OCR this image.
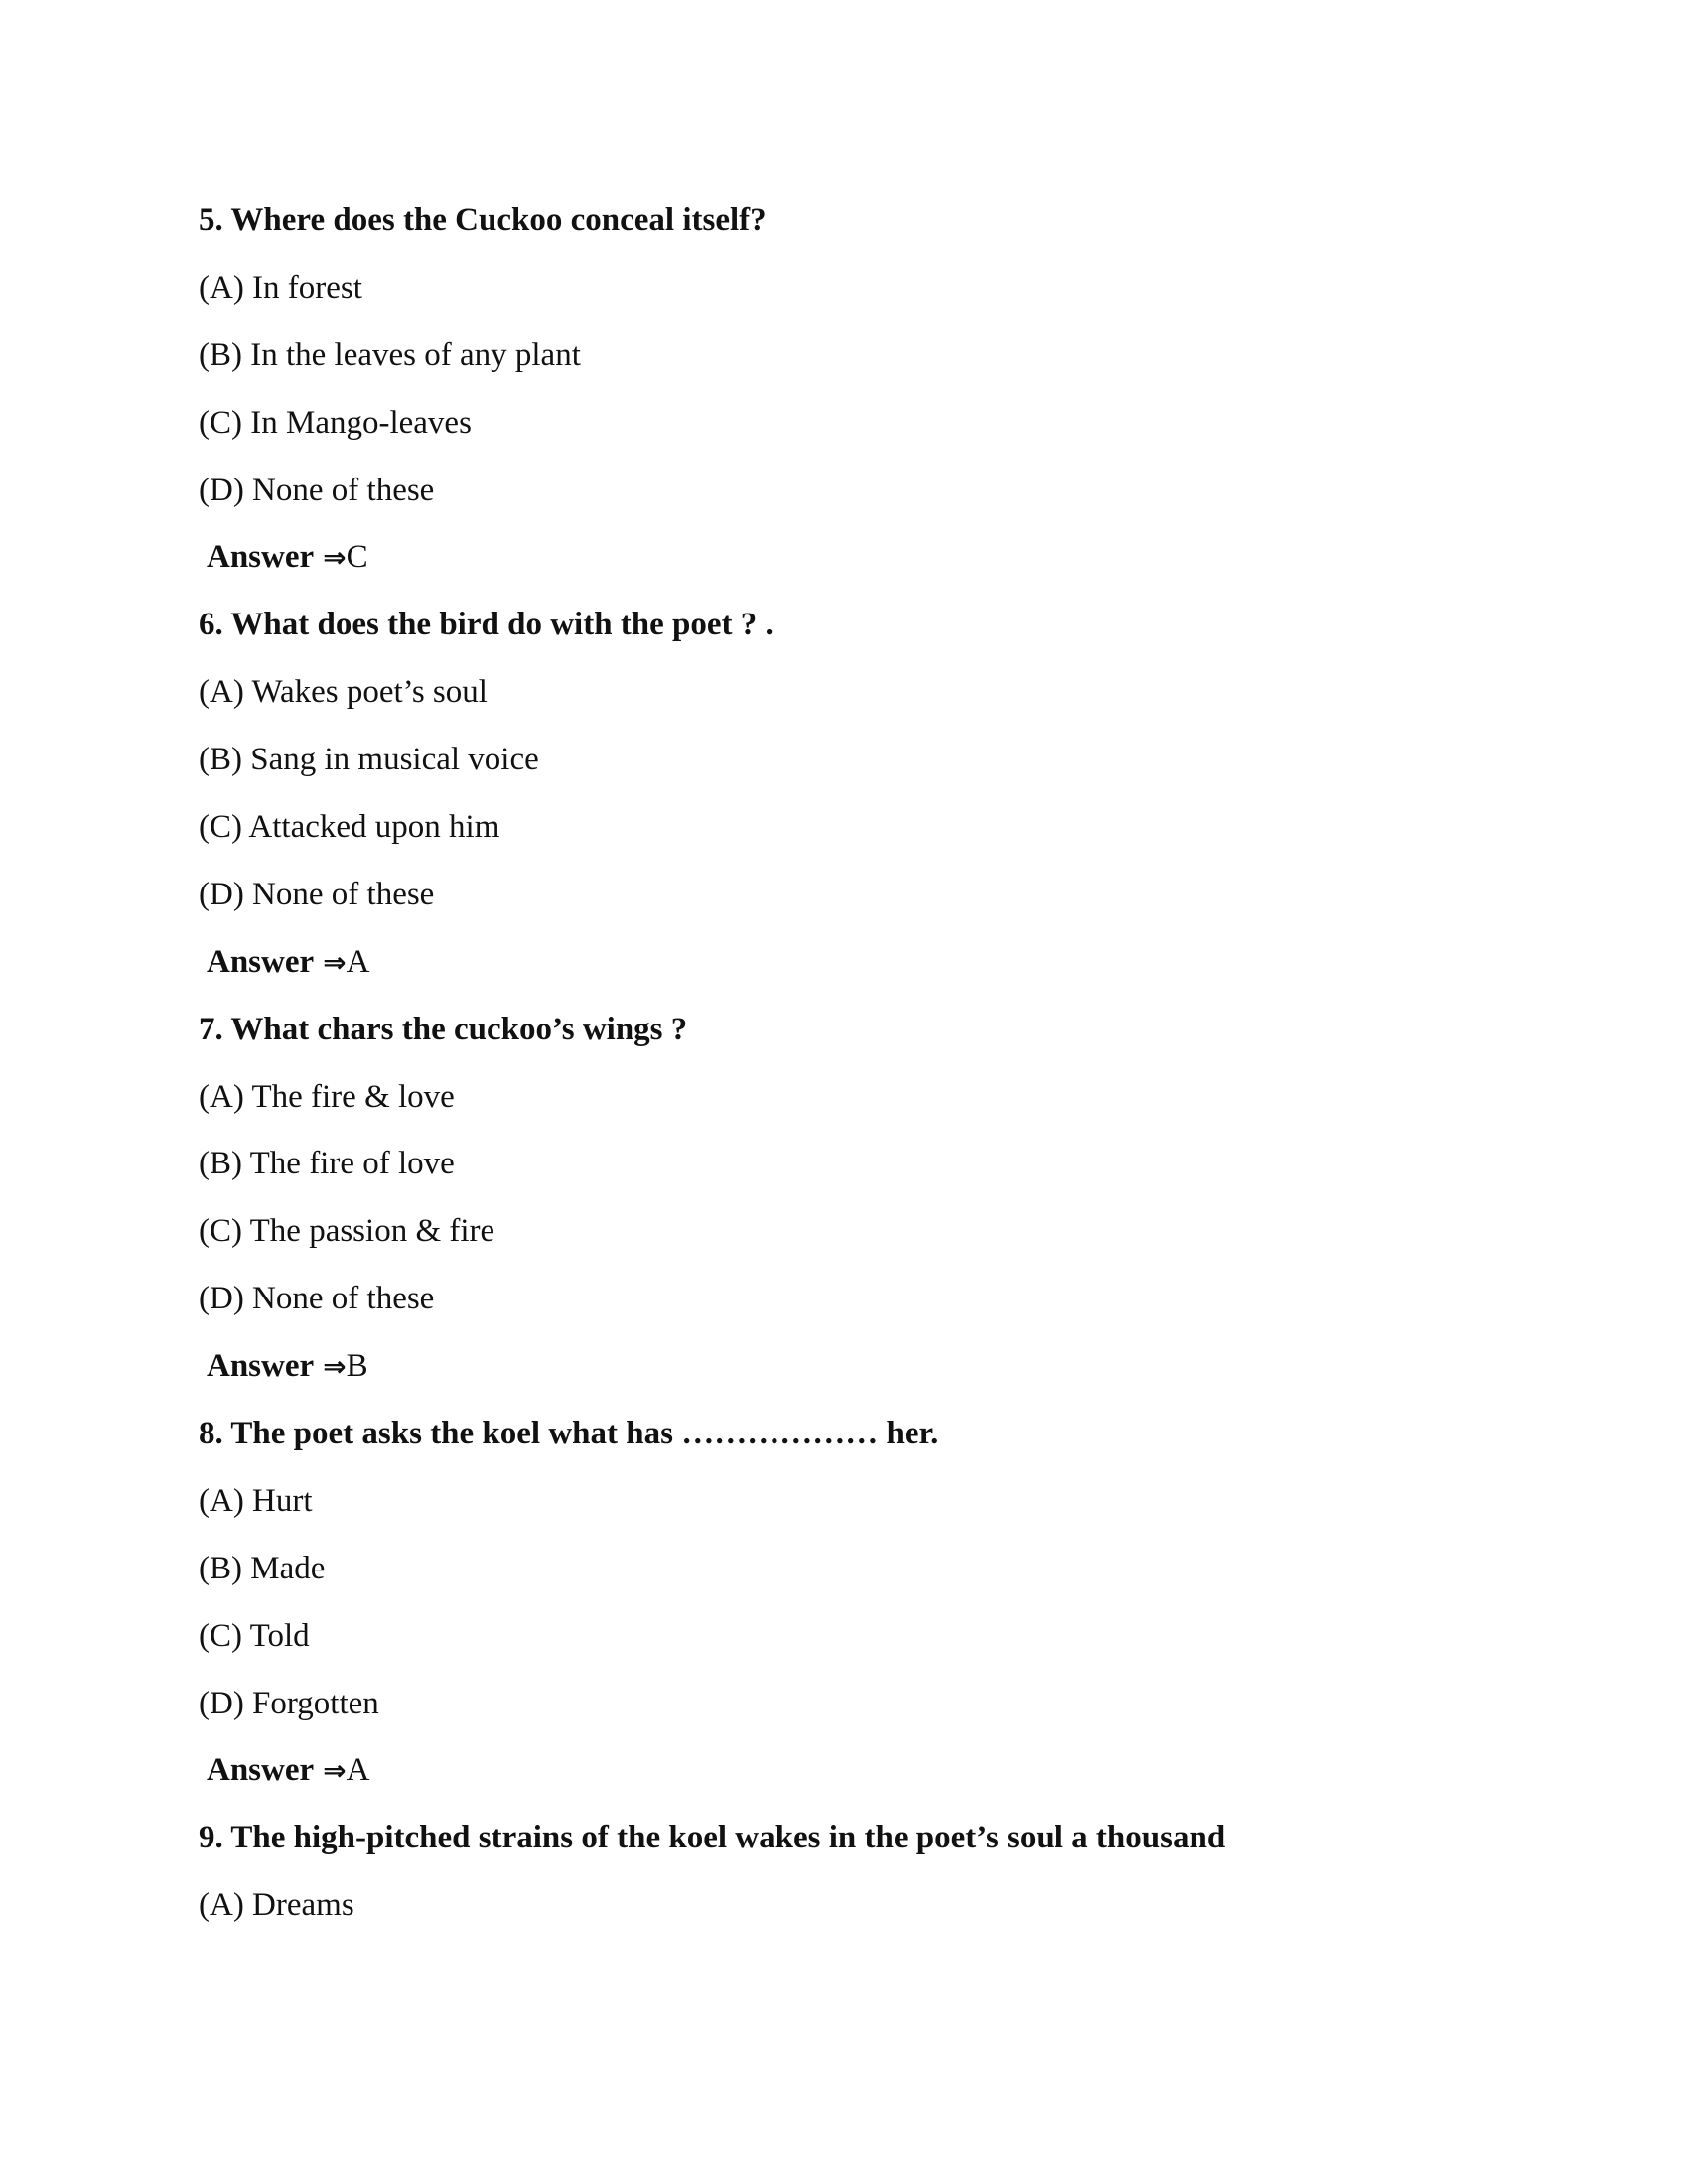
5. Where does the Cuckoo conceal itself?
(A) In forest
(B) In the leaves of any plant
(C) In Mango-leaves
(D) None of these
Answer ⇒C
6. What does the bird do with the poet ? .
(A) Wakes poet’s soul
(B) Sang in musical voice
(C) Attacked upon him
(D) None of these
Answer ⇒A
7. What chars the cuckoo’s wings ?
(A) The fire & love
(B) The fire of love
(C) The passion & fire
(D) None of these
Answer ⇒B
8. The poet asks the koel what has ……………… her.
(A) Hurt
(B) Made
(C) Told
(D) Forgotten
Answer ⇒A
9. The high-pitched strains of the koel wakes in the poet’s soul a thousand
(A) Dreams
